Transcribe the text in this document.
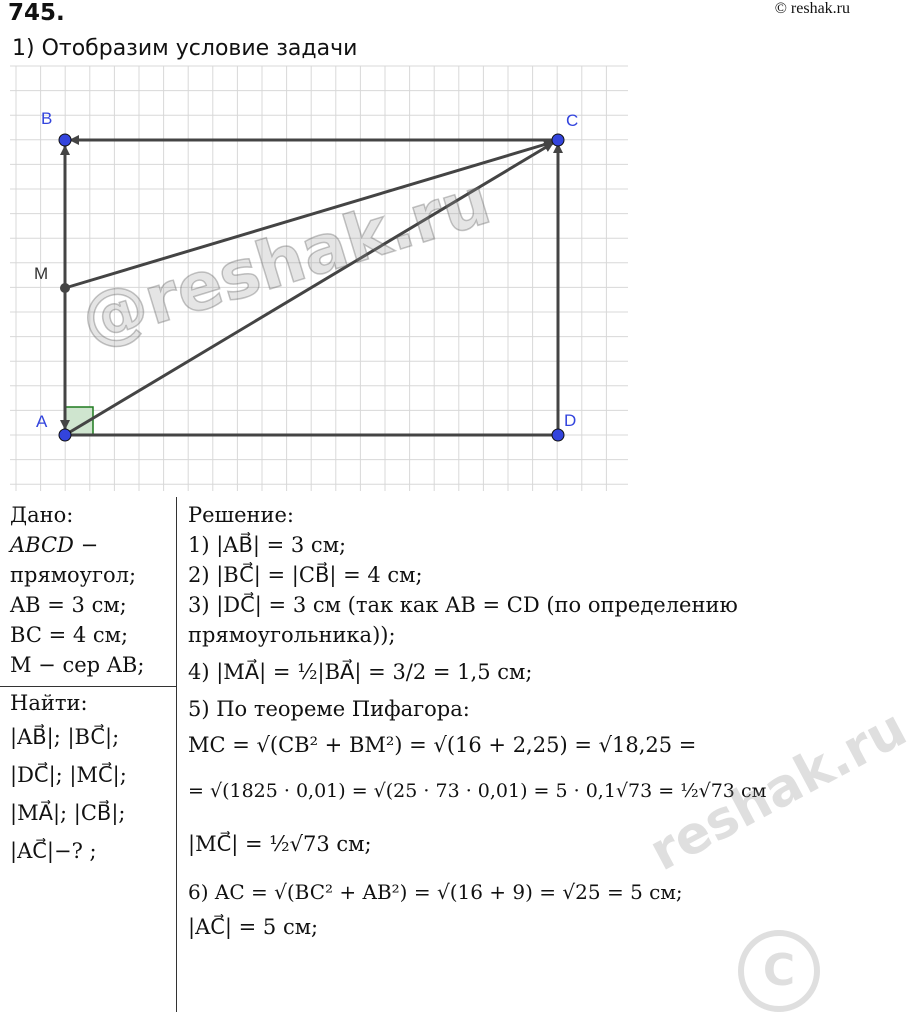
745.	© reshak.ru
1) Отобразим условие задачи
B	C
D
A
M @reshak.ru
Дано:
ABCD −
прямоугол;
AB = 3 см;
BC = 4 см;
M − сер AB;
Найти:
|AB⃗|; |BC⃗|;
|DC⃗|; |MC⃗|;
|MA⃗|; |CB⃗|;
|AC⃗|−? ;
Решение:
1) |AB⃗| = 3 см;
2) |BC⃗| = |CB⃗| = 4 см;
3) |DC⃗| = 3 см (так как AB = CD (по определению
прямоугольника));
4) |MA⃗| = ½|BA⃗| = 3/2 = 1,5 см;
5) По теореме Пифагора:
MC = √(CB² + BM²) = √(16 + 2,25) = √18,25 =
= √(1825 · 0,01) = √(25 · 73 · 0,01) = 5 · 0,1√73 = ½√73 см
|MC⃗| = ½√73 см;
6) AC = √(BC² + AB²) = √(16 + 9) = √25 = 5 см;
|AC⃗| = 5 см;
reshak.ru
C
